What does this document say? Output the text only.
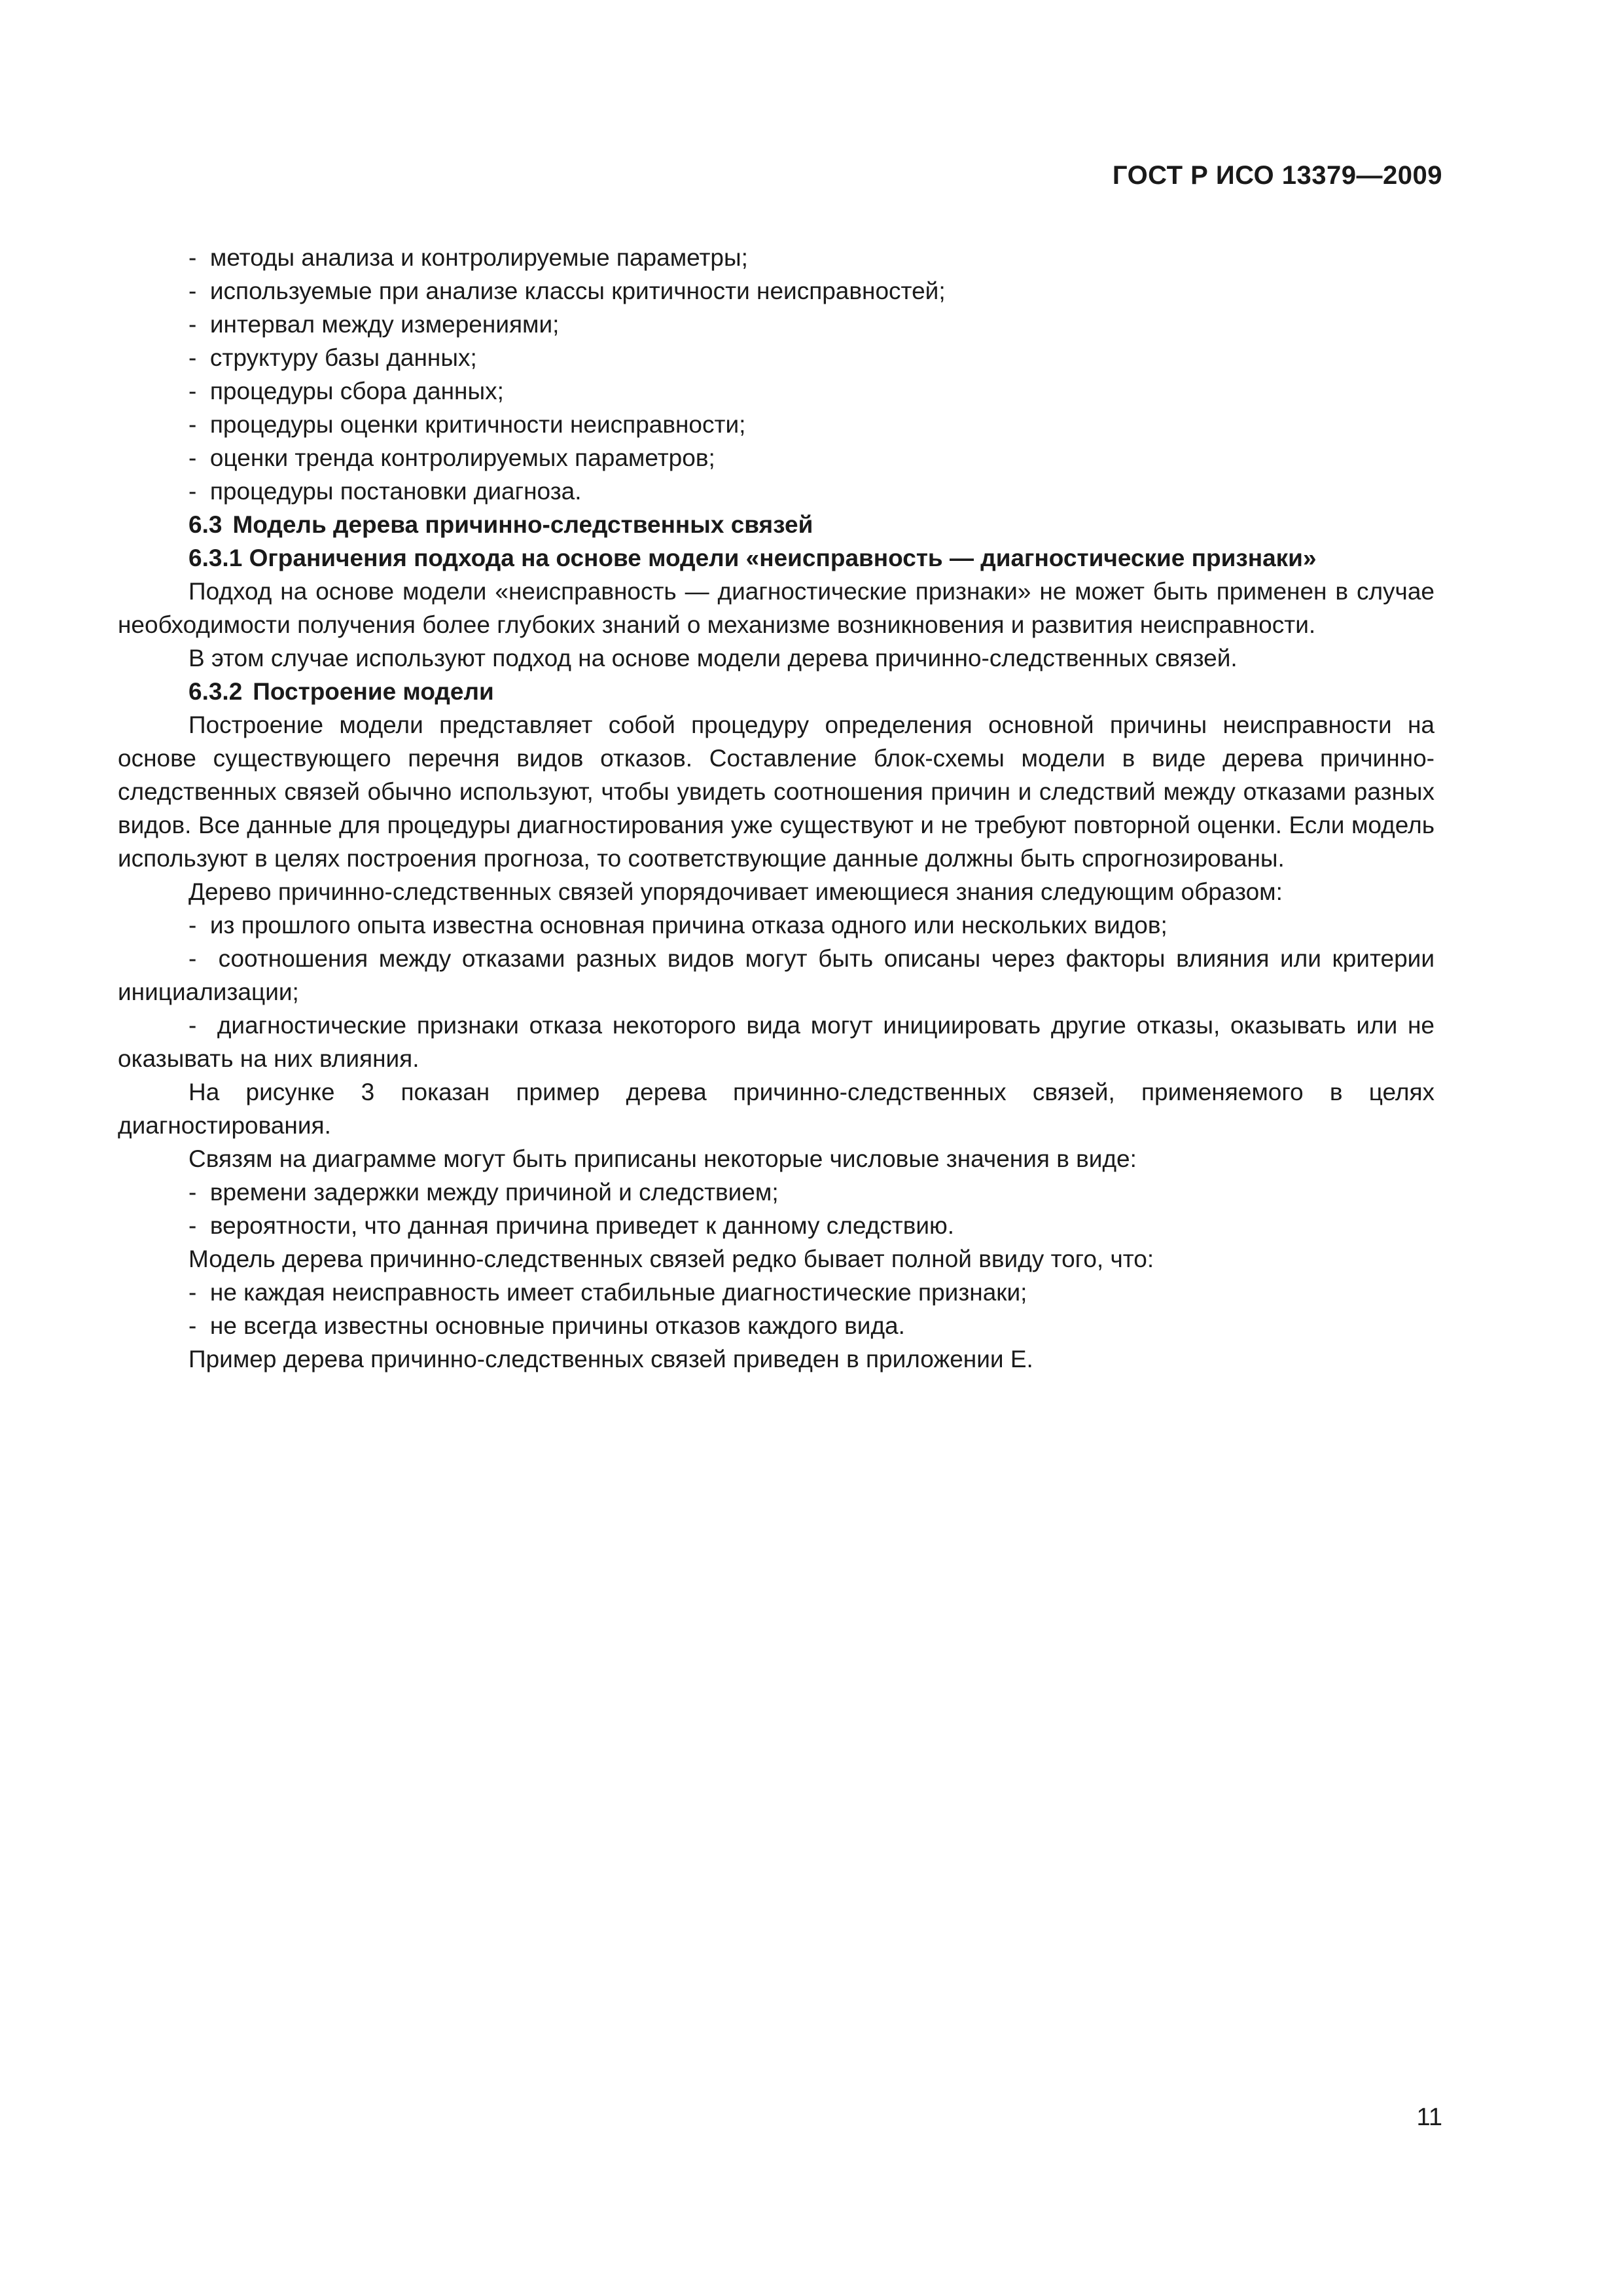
ГОСТ Р ИСО 13379—2009

-  методы анализа и контролируемые параметры;

-  используемые при анализе классы критичности неисправностей;

-  интервал между измерениями;

-  структуру базы данных;

-  процедуры сбора данных;

-  процедуры оценки критичности неисправности;

-  оценки тренда контролируемых параметров;

-  процедуры постановки диагноза.

6.3 Модель дерева причинно-следственных связей

6.3.1 Ограничения подхода на основе модели «неисправность — диагностические признаки»

Подход на основе модели «неисправность — диагностические признаки» не может быть применен в случае необходимости получения более глубоких знаний о механизме возникновения и развития неисправности.

В этом случае используют подход на основе модели дерева причинно-следственных связей.

6.3.2 Построение модели

Построение модели представляет собой процедуру определения основной причины неисправности на основе существующего перечня видов отказов. Составление блок-схемы модели в виде дерева причинно-следственных связей обычно используют, чтобы увидеть соотношения причин и следствий между отказами разных видов. Все данные для процедуры диагностирования уже существуют и не требуют повторной оценки. Если модель используют в целях построения прогноза, то соответствующие данные должны быть спрогнозированы.

Дерево причинно-следственных связей упорядочивает имеющиеся знания следующим образом:

-  из прошлого опыта известна основная причина отказа одного или нескольких видов;

-  соотношения между отказами разных видов могут быть описаны через факторы влияния или критерии инициализации;

-  диагностические признаки отказа некоторого вида могут инициировать другие отказы, оказывать или не оказывать на них влияния.

На рисунке 3 показан пример дерева причинно-следственных связей, применяемого в целях диагностирования.

Связям на диаграмме могут быть приписаны некоторые числовые значения в виде:

-  времени задержки между причиной и следствием;

-  вероятности, что данная причина приведет к данному следствию.

Модель дерева причинно-следственных связей редко бывает полной ввиду того, что:

-  не каждая неисправность имеет стабильные диагностические признаки;

-  не всегда известны основные причины отказов каждого вида.

Пример дерева причинно-следственных связей приведен в приложении Е.

11
